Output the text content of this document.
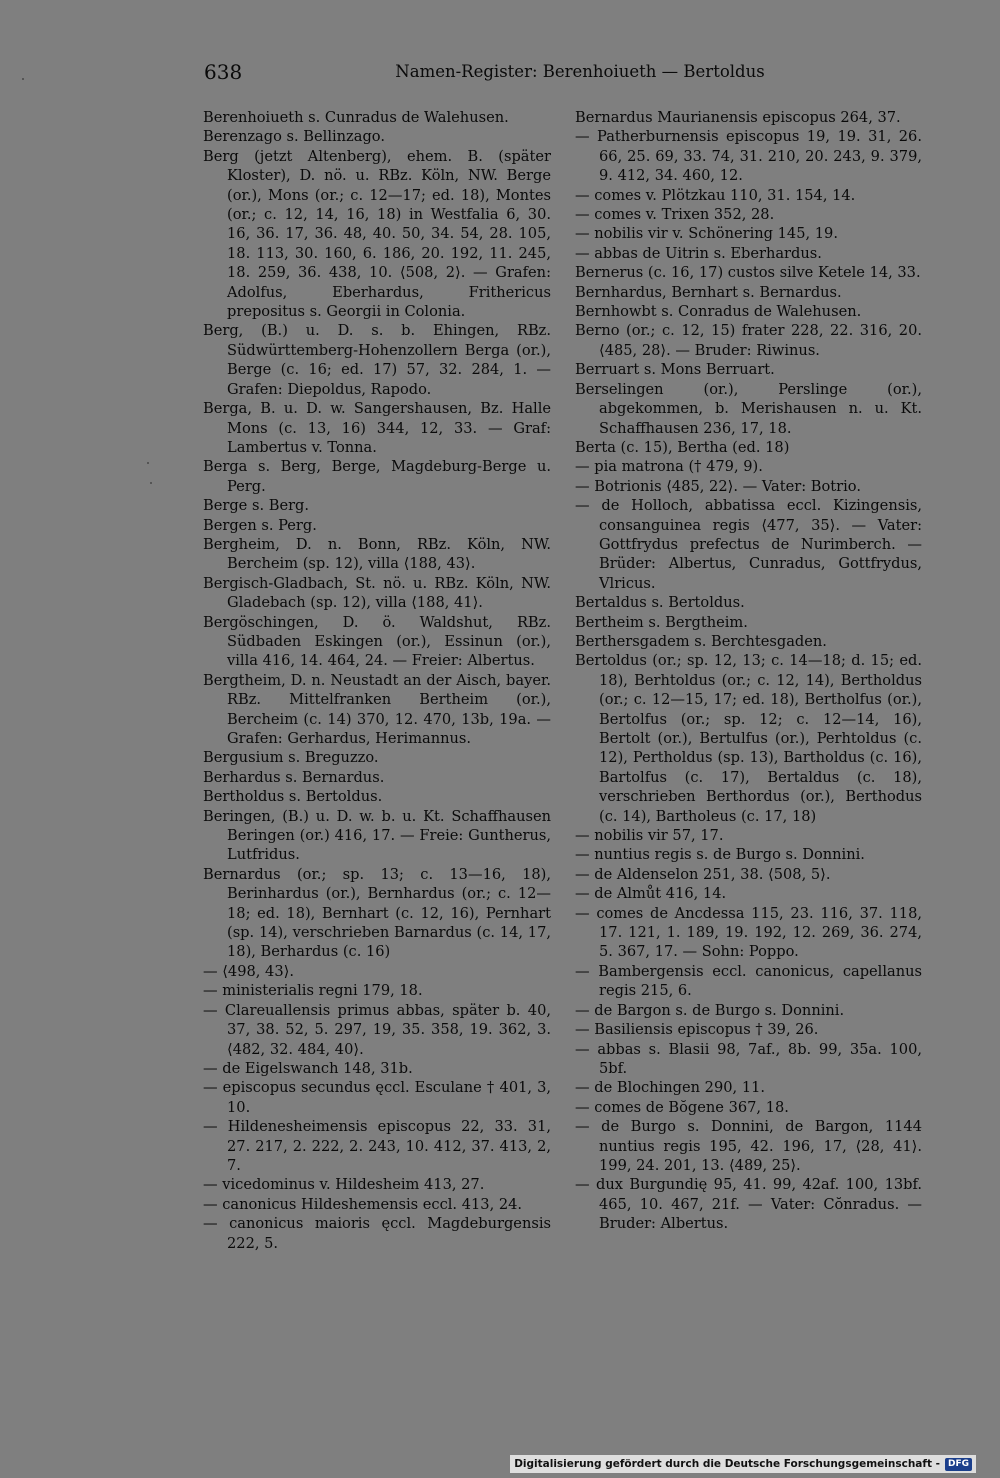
638	Namen-Register: Berenhoiueth — Bertoldus
Berenhoiueth s. Cunradus de Walehusen.
Berenzago s. Bellinzago.
Berg (jetzt Altenberg), ehem. B. (später Kloster), D. nö. u. RBz. Köln, NW. Berge (or.), Mons (or.; c. 12—17; ed. 18), Montes (or.; c. 12, 14, 16, 18) in Westfalia 6, 30. 16, 36. 17, 36. 48, 40. 50, 34. 54, 28. 105, 18. 113, 30. 160, 6. 186, 20. 192, 11. 245, 18. 259, 36. 438, 10. ⟨508, 2⟩. — Grafen: Adolfus, Eberhardus, Frithericus prepositus s. Georgii in Colonia.
Berg, (B.) u. D. s. b. Ehingen, RBz. Südwürttemberg-Hohenzollern Berga (or.), Berge (c. 16; ed. 17) 57, 32. 284, 1. — Grafen: Diepoldus, Rapodo.
Berga, B. u. D. w. Sangershausen, Bz. Halle Mons (c. 13, 16) 344, 12, 33. — Graf: Lambertus v. Tonna.
Berga s. Berg, Berge, Magdeburg-Berge u. Perg.
Berge s. Berg.
Bergen s. Perg.
Bergheim, D. n. Bonn, RBz. Köln, NW. Bercheim (sp. 12), villa ⟨188, 43⟩.
Bergisch-Gladbach, St. nö. u. RBz. Köln, NW. Gladebach (sp. 12), villa ⟨188, 41⟩.
Bergöschingen, D. ö. Waldshut, RBz. Südbaden Eskingen (or.), Essinun (or.), villa 416, 14. 464, 24. — Freier: Albertus.
Bergtheim, D. n. Neustadt an der Aisch, bayer. RBz. Mittelfranken Bertheim (or.), Bercheim (c. 14) 370, 12. 470, 13b, 19a. — Grafen: Gerhardus, Herimannus.
Bergusium s. Breguzzo.
Berhardus s. Bernardus.
Bertholdus s. Bertoldus.
Beringen, (B.) u. D. w. b. u. Kt. Schaffhausen Beringen (or.) 416, 17. — Freie: Guntherus, Lutfridus.
Bernardus (or.; sp. 13; c. 13—16, 18), Berinhardus (or.), Bernhardus (or.; c. 12—18; ed. 18), Bernhart (c. 12, 16), Pernhart (sp. 14), verschrieben Barnardus (c. 14, 17, 18), Berhardus (c. 16)
— ⟨498, 43⟩.
— ministerialis regni 179, 18.
— Clareuallensis primus abbas, später b. 40, 37, 38. 52, 5. 297, 19, 35. 358, 19. 362, 3. ⟨482, 32. 484, 40⟩.
— de Eigelswanch 148, 31b.
— episcopus secundus ęccl. Esculane † 401, 3, 10.
— Hildenesheimensis episcopus 22, 33. 31, 27. 217, 2. 222, 2. 243, 10. 412, 37. 413, 2, 7.
— vicedominus v. Hildesheim 413, 27.
— canonicus Hildeshemensis eccl. 413, 24.
— canonicus maioris ęccl. Magdeburgensis 222, 5.
Bernardus Maurianensis episcopus 264, 37.
— Patherburnensis episcopus 19, 19. 31, 26. 66, 25. 69, 33. 74, 31. 210, 20. 243, 9. 379, 9. 412, 34. 460, 12.
— comes v. Plötzkau 110, 31. 154, 14.
— comes v. Trixen 352, 28.
— nobilis vir v. Schönering 145, 19.
— abbas de Uitrin s. Eberhardus.
Bernerus (c. 16, 17) custos silve Ketele 14, 33.
Bernhardus, Bernhart s. Bernardus.
Bernhowbt s. Conradus de Walehusen.
Berno (or.; c. 12, 15) frater 228, 22. 316, 20. ⟨485, 28⟩. — Bruder: Riwinus.
Berruart s. Mons Berruart.
Berselingen (or.), Perslinge (or.), abgekommen, b. Merishausen n. u. Kt. Schaffhausen 236, 17, 18.
Berta (c. 15), Bertha (ed. 18)
— pia matrona († 479, 9).
— Botrionis ⟨485, 22⟩. — Vater: Botrio.
— de Holloch, abbatissa eccl. Kizingensis, consanguinea regis ⟨477, 35⟩. — Vater: Gottfrydus prefectus de Nurimberch. — Brüder: Albertus, Cunradus, Gottfrydus, Vlricus.
Bertaldus s. Bertoldus.
Bertheim s. Bergtheim.
Berthersgadem s. Berchtesgaden.
Bertoldus (or.; sp. 12, 13; c. 14—18; d. 15; ed. 18), Berhtoldus (or.; c. 12, 14), Bertholdus (or.; c. 12—15, 17; ed. 18), Bertholfus (or.), Bertolfus (or.; sp. 12; c. 12—14, 16), Bertolt (or.), Bertulfus (or.), Perhtoldus (c. 12), Pertholdus (sp. 13), Bartholdus (c. 16), Bartolfus (c. 17), Bertaldus (c. 18), verschrieben Berthordus (or.), Berthodus (c. 14), Bartholeus (c. 17, 18)
— nobilis vir 57, 17.
— nuntius regis s. de Burgo s. Donnini.
— de Aldenselon 251, 38. ⟨508, 5⟩.
— de Almůt 416, 14.
— comes de Ancdessa 115, 23. 116, 37. 118, 17. 121, 1. 189, 19. 192, 12. 269, 36. 274, 5. 367, 17. — Sohn: Poppo.
— Bambergensis eccl. canonicus, capellanus regis 215, 6.
— de Bargon s. de Burgo s. Donnini.
— Basiliensis episcopus † 39, 26.
— abbas s. Blasii 98, 7af., 8b. 99, 35a. 100, 5bf.
— de Blochingen 290, 11.
— comes de Bŏgene 367, 18.
— de Burgo s. Donnini, de Bargon, 1144 nuntius regis 195, 42. 196, 17, ⟨28, 41⟩. 199, 24. 201, 13. ⟨489, 25⟩.
— dux Burgundię 95, 41. 99, 42af. 100, 13bf. 465, 10. 467, 21f. — Vater: Cŏnradus. — Bruder: Albertus.
Digitalisierung gefördert durch die Deutsche Forschungsgemeinschaft - DFG
